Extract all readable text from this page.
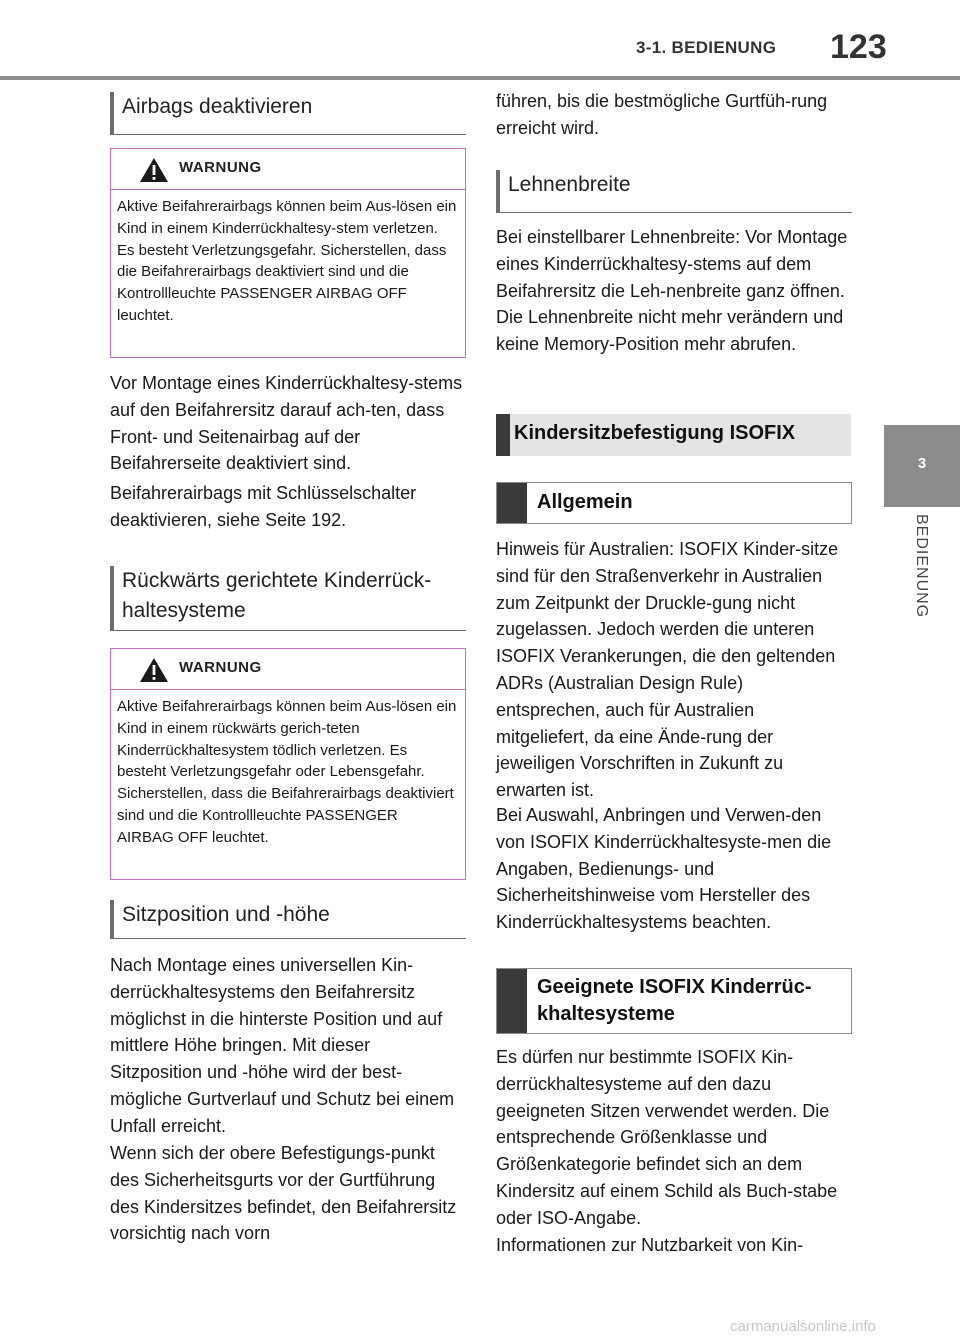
3-1. BEDIENUNG 123
3
BEDIENUNG
Airbags deaktivieren
WARNUNG
Aktive Beifahrerairbags können beim Aus-lösen ein Kind in einem Kinderrückhaltesy-stem verletzen. Es besteht Verletzungsgefahr. Sicherstellen, dass die Beifahrerairbags deaktiviert sind und die Kontrollleuchte PASSENGER AIRBAG OFF leuchtet.
Vor Montage eines Kinderrückhaltesy-stems auf den Beifahrersitz darauf ach-ten, dass Front- und Seitenairbag auf der Beifahrerseite deaktiviert sind.
Beifahrerairbags mit Schlüsselschalter deaktivieren, siehe Seite 192.
Rückwärts gerichtete Kinderrück-haltesysteme
WARNUNG
Aktive Beifahrerairbags können beim Aus-lösen ein Kind in einem rückwärts gerich-teten Kinderrückhaltesystem tödlich verletzen. Es besteht Verletzungsgefahr oder Lebensgefahr. Sicherstellen, dass die Beifahrerairbags deaktiviert sind und die Kontrollleuchte PASSENGER AIRBAG OFF leuchtet.
Sitzposition und -höhe
Nach Montage eines universellen Kin-derrückhaltesystems den Beifahrersitz möglichst in die hinterste Position und auf mittlere Höhe bringen. Mit dieser Sitzposition und -höhe wird der best-mögliche Gurtverlauf und Schutz bei einem Unfall erreicht.
Wenn sich der obere Befestigungs-punkt des Sicherheitsgurts vor der Gurtführung des Kindersitzes befindet, den Beifahrersitz vorsichtig nach vorn
führen, bis die bestmögliche Gurtfüh-rung erreicht wird.
Lehnenbreite
Bei einstellbarer Lehnenbreite: Vor Montage eines Kinderrückhaltesy-stems auf dem Beifahrersitz die Leh-nenbreite ganz öffnen. Die Lehnenbreite nicht mehr verändern und keine Memory-Position mehr abrufen.
Kindersitzbefestigung ISOFIX
Allgemein
Hinweis für Australien: ISOFIX Kinder-sitze sind für den Straßenverkehr in Australien zum Zeitpunkt der Druckle-gung nicht zugelassen. Jedoch werden die unteren ISOFIX Verankerungen, die den geltenden ADRs (Australian Design Rule) entsprechen, auch für Australien mitgeliefert, da eine Ände-rung der jeweiligen Vorschriften in Zukunft zu erwarten ist.
Bei Auswahl, Anbringen und Verwen-den von ISOFIX Kinderrückhaltesyste-men die Angaben, Bedienungs- und Sicherheitshinweise vom Hersteller des Kinderrückhaltesystems beachten.
Geeignete ISOFIX Kinderrüc-khaltesysteme
Es dürfen nur bestimmte ISOFIX Kin-derrückhaltesysteme auf den dazu geeigneten Sitzen verwendet werden. Die entsprechende Größenklasse und Größenkategorie befindet sich an dem Kindersitz auf einem Schild als Buch-stabe oder ISO-Angabe.
Informationen zur Nutzbarkeit von Kin-
carmanualsonline.info
